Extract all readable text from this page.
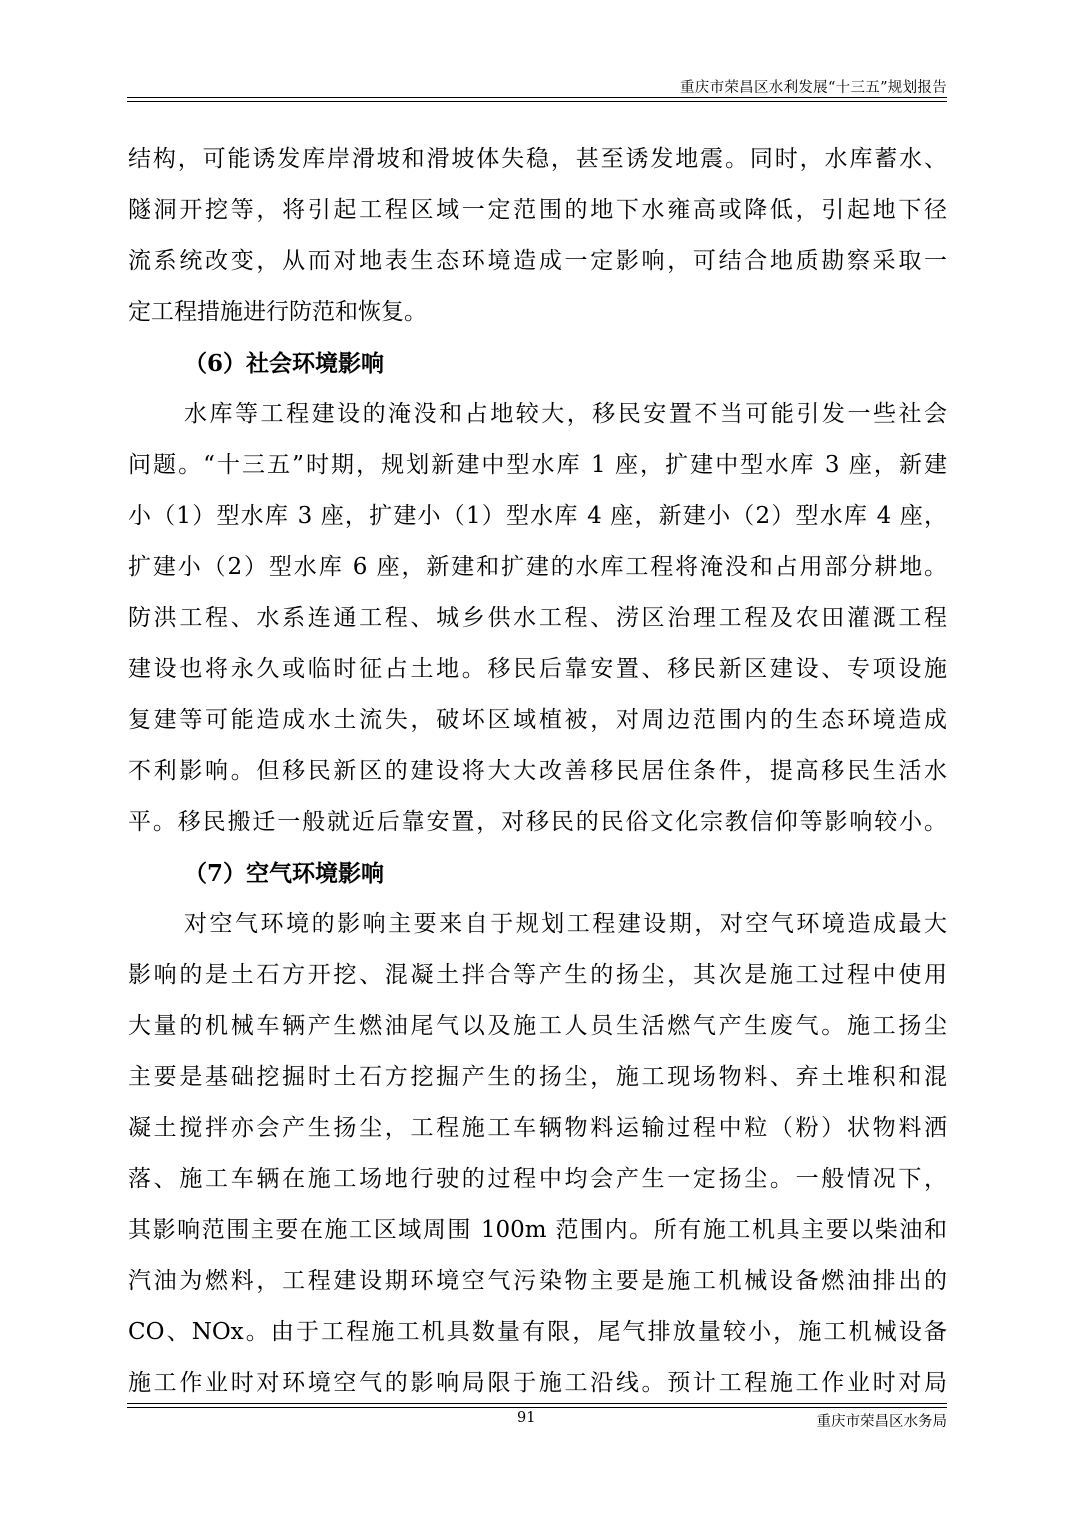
重庆市荣昌区水利发展“十三五”规划报告
结构，可能诱发库岸滑坡和滑坡体失稳，甚至诱发地震。同时，水库蓄水、
隧洞开挖等，将引起工程区域一定范围的地下水雍高或降低，引起地下径
流系统改变，从而对地表生态环境造成一定影响，可结合地质勘察采取一
定工程措施进行防范和恢复。
（6）社会环境影响
水库等工程建设的淹没和占地较大，移民安置不当可能引发一些社会
问题。“十三五”时期，规划新建中型水库 1 座，扩建中型水库 3 座，新建
小（1）型水库 3 座，扩建小（1）型水库 4 座，新建小（2）型水库 4 座，
扩建小（2）型水库 6 座，新建和扩建的水库工程将淹没和占用部分耕地。
防洪工程、水系连通工程、城乡供水工程、涝区治理工程及农田灌溉工程
建设也将永久或临时征占土地。移民后靠安置、移民新区建设、专项设施
复建等可能造成水土流失，破坏区域植被，对周边范围内的生态环境造成
不利影响。但移民新区的建设将大大改善移民居住条件，提高移民生活水
平。移民搬迁一般就近后靠安置，对移民的民俗文化宗教信仰等影响较小。
（7）空气环境影响
对空气环境的影响主要来自于规划工程建设期，对空气环境造成最大
影响的是土石方开挖、混凝土拌合等产生的扬尘，其次是施工过程中使用
大量的机械车辆产生燃油尾气以及施工人员生活燃气产生废气。施工扬尘
主要是基础挖掘时土石方挖掘产生的扬尘，施工现场物料、弃土堆积和混
凝土搅拌亦会产生扬尘，工程施工车辆物料运输过程中粒（粉）状物料洒
落、施工车辆在施工场地行驶的过程中均会产生一定扬尘。一般情况下，
其影响范围主要在施工区域周围 100m 范围内。所有施工机具主要以柴油和
汽油为燃料，工程建设期环境空气污染物主要是施工机械设备燃油排出的
CO、NOx。由于工程施工机具数量有限，尾气排放量较小，施工机械设备
施工作业时对环境空气的影响局限于施工沿线。预计工程施工作业时对局
91	重庆市荣昌区水务局
